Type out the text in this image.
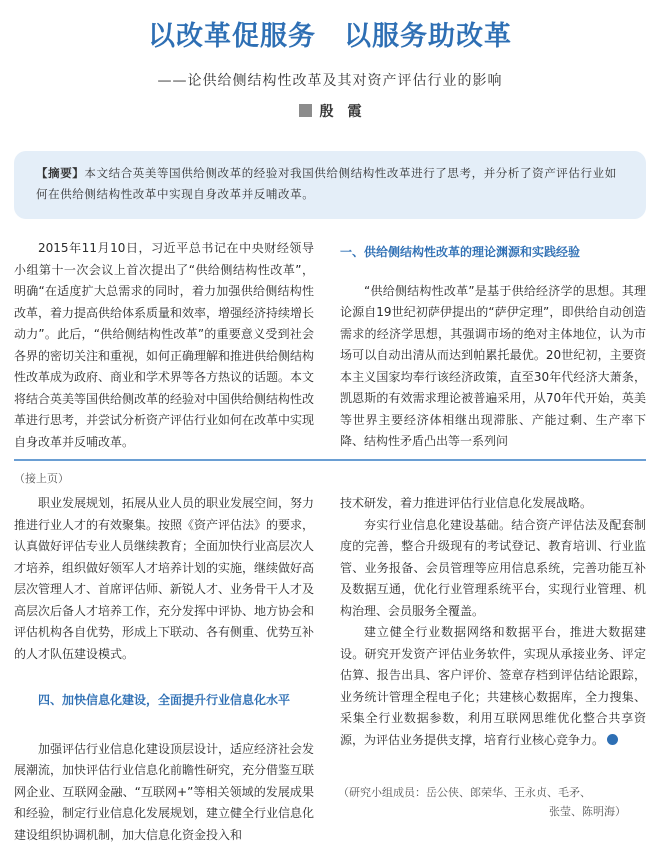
以改革促服务　以服务助改革
——论供给侧结构性改革及其对资产评估行业的影响
殷　霞
【摘要】本文结合英美等国供给侧改革的经验对我国供给侧结构性改革进行了思考，并分析了资产评估行业如何在供给侧结构性改革中实现自身改革并反哺改革。

2015年11月10日，习近平总书记在中央财经领导小组第十一次会议上首次提出了“供给侧结构性改革”，明确“在适度扩大总需求的同时，着力加强供给侧结构性改革，着力提高供给体系质量和效率，增强经济持续增长动力”。此后，“供给侧结构性改革”的重要意义受到社会各界的密切关注和重视，如何正确理解和推进供给侧结构性改革成为政府、商业和学术界等各方热议的话题。本文将结合英美等国供给侧改革的经验对中国供给侧结构性改革进行思考，并尝试分析资产评估行业如何在改革中实现自身改革并反哺改革。

一、供给侧结构性改革的理论渊源和实践经验

“供给侧结构性改革”是基于供给经济学的思想。其理论源自19世纪初萨伊提出的“萨伊定理”，即供给自动创造需求的经济学思想，其强调市场的绝对主体地位，认为市场可以自动出清从而达到帕累托最优。20世纪初，主要资本主义国家均奉行该经济政策，直至30年代经济大萧条，凯恩斯的有效需求理论被普遍采用，从70年代开始，英美等世界主要经济体相继出现滞胀、产能过剩、生产率下降、结构性矛盾凸出等一系列问

（接上页）

职业发展规划，拓展从业人员的职业发展空间，努力推进行业人才的有效聚集。按照《资产评估法》的要求，认真做好评估专业人员继续教育；全面加快行业高层次人才培养，组织做好领军人才培养计划的实施，继续做好高层次管理人才、首席评估师、新锐人才、业务骨干人才及高层次后备人才培养工作，充分发挥中评协、地方协会和评估机构各自优势，形成上下联动、各有侧重、优势互补的人才队伍建设模式。

四、加快信息化建设，全面提升行业信息化水平

加强评估行业信息化建设顶层设计，适应经济社会发展潮流，加快评估行业信息化前瞻性研究，充分借鉴互联网企业、互联网金融、“互联网+”等相关领域的发展成果和经验，制定行业信息化发展规划，建立健全行业信息化建设组织协调机制，加大信息化资金投入和

技术研发，着力推进评估行业信息化发展战略。

夯实行业信息化建设基础。结合资产评估法及配套制度的完善，整合升级现有的考试登记、教育培训、行业监管、业务报备、会员管理等应用信息系统，完善功能互补及数据互通，优化行业管理系统平台，实现行业管理、机构治理、会员服务全覆盖。

建立健全行业数据网络和数据平台，推进大数据建设。研究开发资产评估业务软件，实现从承接业务、评定估算、报告出具、客户评价、签章存档到评估结论跟踪，业务统计管理全程电子化；共建核心数据库，全力搜集、采集全行业数据参数，利用互联网思维优化整合共享资源，为评估业务提供支撑，培育行业核心竞争力。

（研究小组成员：岳公侠、郎荣华、王永贞、毛矛、
张莹、陈明海）
